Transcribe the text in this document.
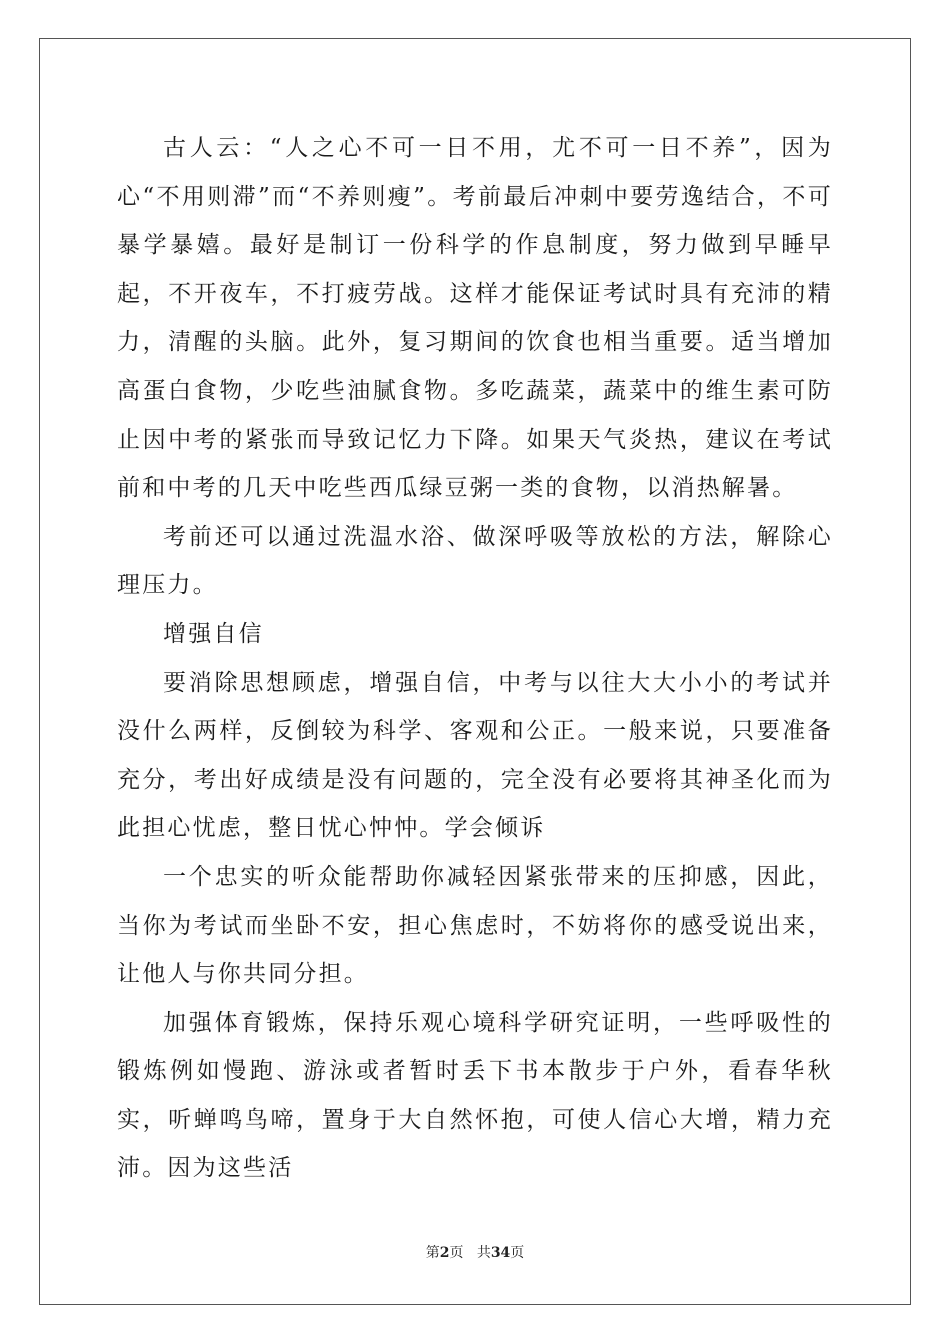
古人云：“人之心不可一日不用，尤不可一日不养”，因为心“不用则滞”而“不养则瘦”。考前最后冲刺中要劳逸结合，不可暴学暴嬉。最好是制订一份科学的作息制度，努力做到早睡早起，不开夜车，不打疲劳战。这样才能保证考试时具有充沛的精力，清醒的头脑。此外，复习期间的饮食也相当重要。适当增加高蛋白食物，少吃些油腻食物。多吃蔬菜，蔬菜中的维生素可防止因中考的紧张而导致记忆力下降。如果天气炎热，建议在考试前和中考的几天中吃些西瓜绿豆粥一类的食物，以消热解暑。

考前还可以通过洗温水浴、做深呼吸等放松的方法，解除心理压力。

增强自信

要消除思想顾虑，增强自信，中考与以往大大小小的考试并没什么两样，反倒较为科学、客观和公正。一般来说，只要准备充分，考出好成绩是没有问题的，完全没有必要将其神圣化而为此担心忧虑，整日忧心忡忡。学会倾诉

一个忠实的听众能帮助你减轻因紧张带来的压抑感，因此，当你为考试而坐卧不安，担心焦虑时，不妨将你的感受说出来，让他人与你共同分担。

加强体育锻炼，保持乐观心境科学研究证明，一些呼吸性的锻炼例如慢跑、游泳或者暂时丢下书本散步于户外，看春华秋实，听蝉鸣鸟啼，置身于大自然怀抱，可使人信心大增，精力充沛。因为这些活

第2页 共34页
